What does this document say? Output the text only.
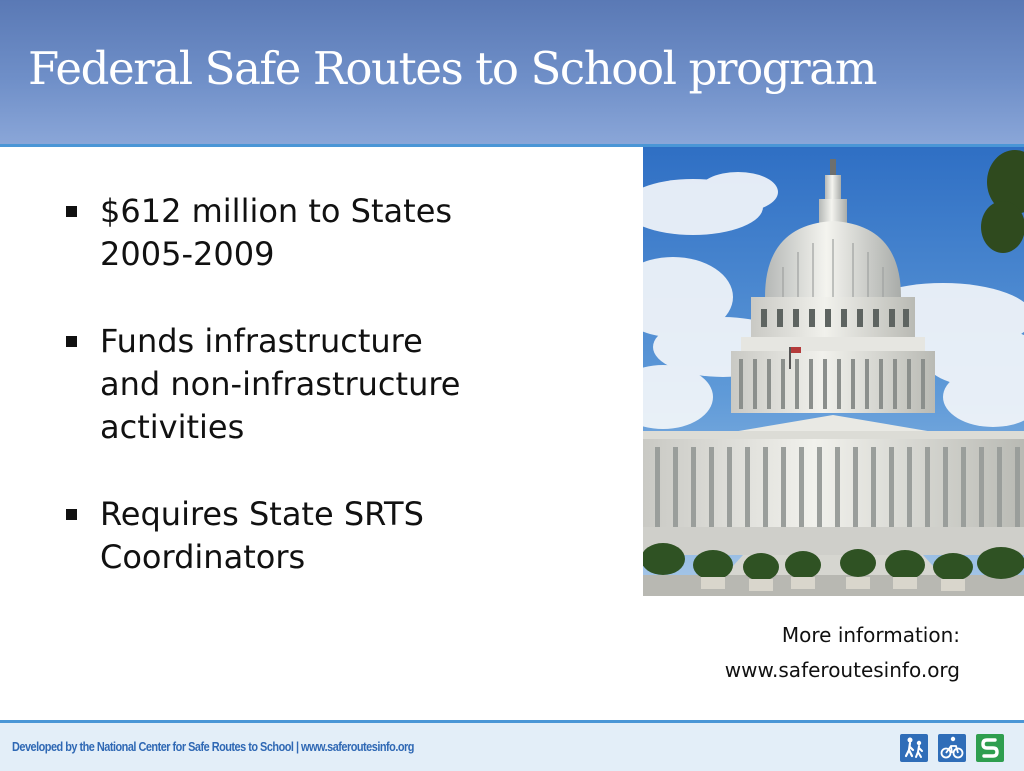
Federal Safe Routes to School program
$612 million to States
2005-2009
Funds infrastructure
and non-infrastructure
activities
Requires State SRTS
Coordinators
More information:
www.saferoutesinfo.org
Developed by the National Center for Safe Routes to School | www.saferoutesinfo.org
